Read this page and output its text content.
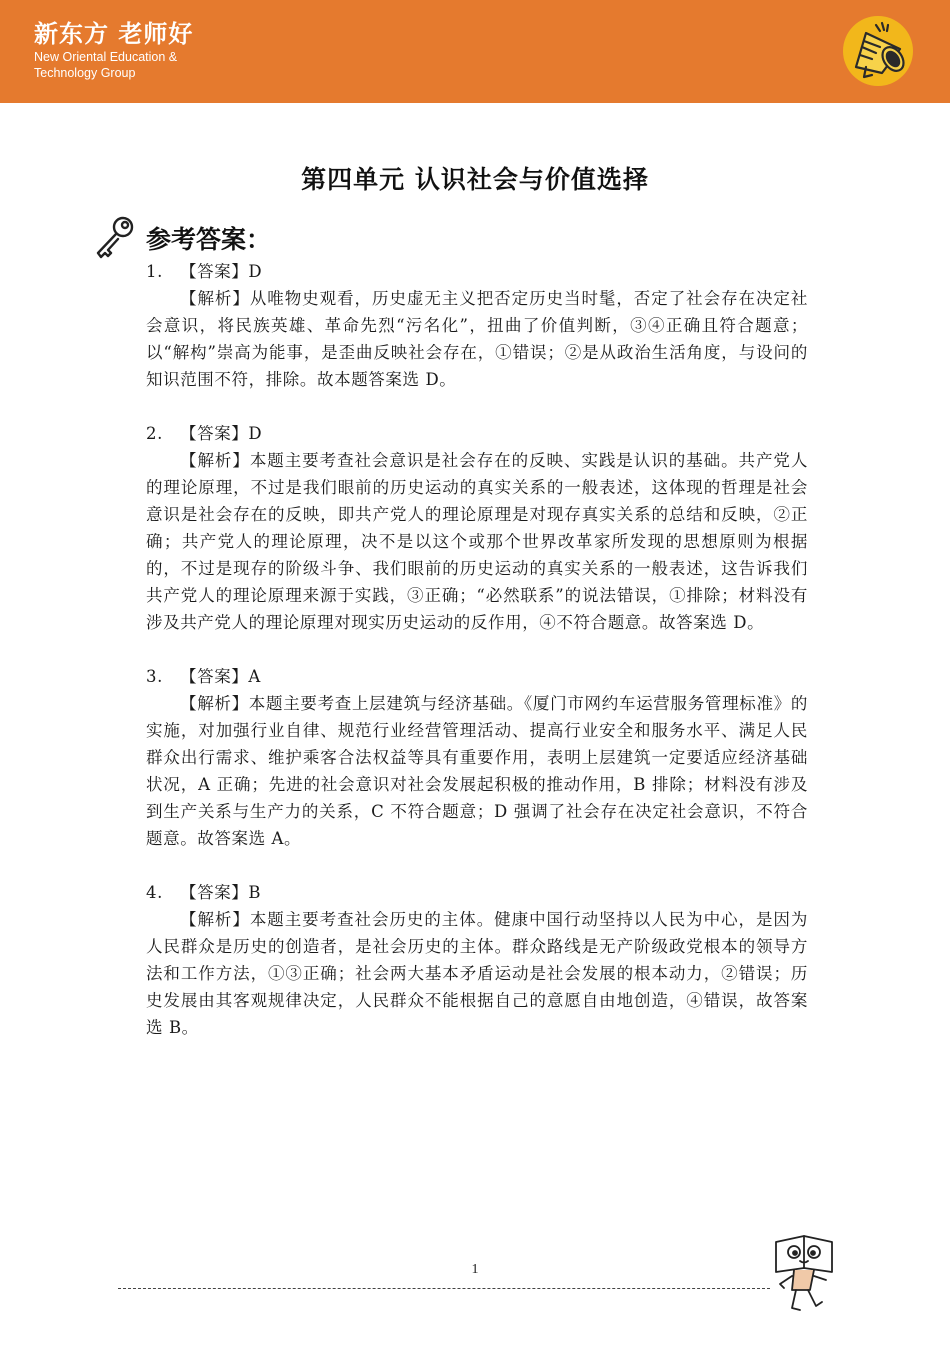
新东方 老师好
New Oriental Education &
Technology Group
第四单元 认识社会与价值选择
参考答案：
1. 【答案】D

【解析】从唯物史观看，历史虚无主义把否定历史当时髦，否定了社会存在决定社会意识，将民族英雄、革命先烈“污名化”，扭曲了价值判断，③④正确且符合题意；以“解构”崇高为能事，是歪曲反映社会存在，①错误；②是从政治生活角度，与设问的知识范围不符，排除。故本题答案选 D。

2. 【答案】D

【解析】本题主要考查社会意识是社会存在的反映、实践是认识的基础。共产党人的理论原理，不过是我们眼前的历史运动的真实关系的一般表述，这体现的哲理是社会意识是社会存在的反映，即共产党人的理论原理是对现存真实关系的总结和反映，②正确；共产党人的理论原理，决不是以这个或那个世界改革家所发现的思想原则为根据的，不过是现存的阶级斗争、我们眼前的历史运动的真实关系的一般表述，这告诉我们共产党人的理论原理来源于实践，③正确；“必然联系”的说法错误，①排除；材料没有涉及共产党人的理论原理对现实历史运动的反作用，④不符合题意。故答案选 D。

3. 【答案】A

【解析】本题主要考查上层建筑与经济基础。《厦门市网约车运营服务管理标准》的实施，对加强行业自律、规范行业经营管理活动、提高行业安全和服务水平、满足人民群众出行需求、维护乘客合法权益等具有重要作用，表明上层建筑一定要适应经济基础状况，A 正确；先进的社会意识对社会发展起积极的推动作用，B 排除；材料没有涉及到生产关系与生产力的关系，C 不符合题意；D 强调了社会存在决定社会意识，不符合题意。故答案选 A。

4. 【答案】B

【解析】本题主要考查社会历史的主体。健康中国行动坚持以人民为中心，是因为人民群众是历史的创造者，是社会历史的主体。群众路线是无产阶级政党根本的领导方法和工作方法，①③正确；社会两大基本矛盾运动是社会发展的根本动力，②错误；历史发展由其客观规律决定，人民群众不能根据自己的意愿自由地创造，④错误，故答案选 B。

1
